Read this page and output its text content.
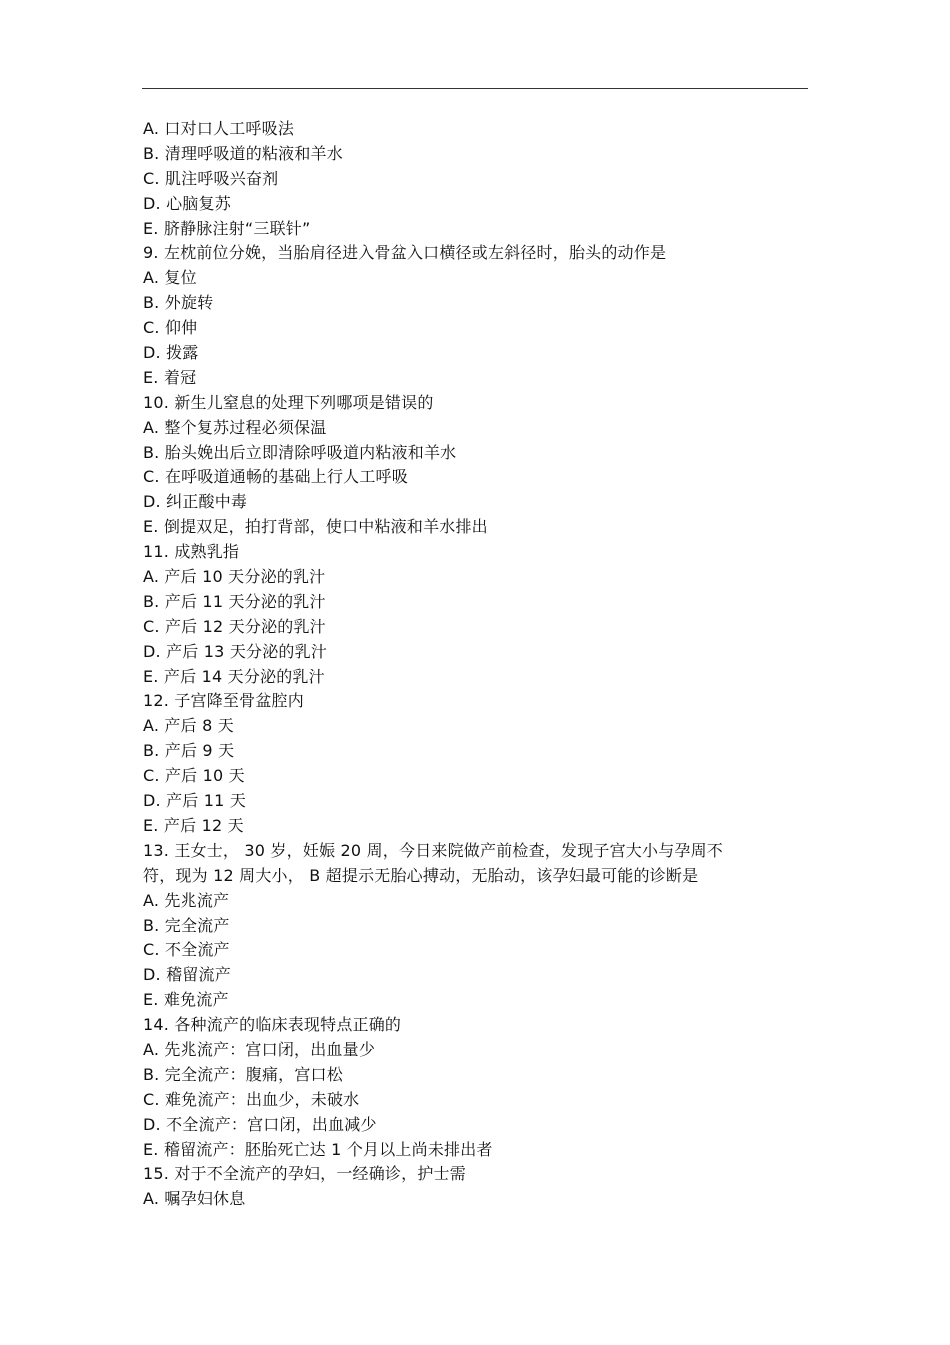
A. 口对口人工呼吸法
B. 清理呼吸道的粘液和羊水
C. 肌注呼吸兴奋剂
D. 心脑复苏
E. 脐静脉注射“三联针”
9. 左枕前位分娩，当胎肩径进入骨盆入口横径或左斜径时，胎头的动作是
A. 复位
B. 外旋转
C. 仰伸
D. 拨露
E. 着冠
10. 新生儿窒息的处理下列哪项是错误的
A. 整个复苏过程必须保温
B. 胎头娩出后立即清除呼吸道内粘液和羊水
C. 在呼吸道通畅的基础上行人工呼吸
D. 纠正酸中毒
E. 倒提双足，拍打背部，使口中粘液和羊水排出
11. 成熟乳指
A. 产后 10 天分泌的乳汁
B. 产后 11 天分泌的乳汁
C. 产后 12 天分泌的乳汁
D. 产后 13 天分泌的乳汁
E. 产后 14 天分泌的乳汁
12. 子宫降至骨盆腔内
A. 产后 8 天
B. 产后 9 天
C. 产后 10 天
D. 产后 11 天
E. 产后 12 天
13. 王女士， 30 岁，妊娠 20 周，今日来院做产前检查，发现子宫大小与孕周不
符，现为 12 周大小， B 超提示无胎心搏动，无胎动，该孕妇最可能的诊断是
A. 先兆流产
B. 完全流产
C. 不全流产
D. 稽留流产
E. 难免流产
14. 各种流产的临床表现特点正确的
A. 先兆流产：宫口闭，出血量少
B. 完全流产：腹痛，宫口松
C. 难免流产：出血少，未破水
D. 不全流产：宫口闭，出血减少
E. 稽留流产：胚胎死亡达 1 个月以上尚未排出者
15. 对于不全流产的孕妇，一经确诊，护士需
A. 嘱孕妇休息
